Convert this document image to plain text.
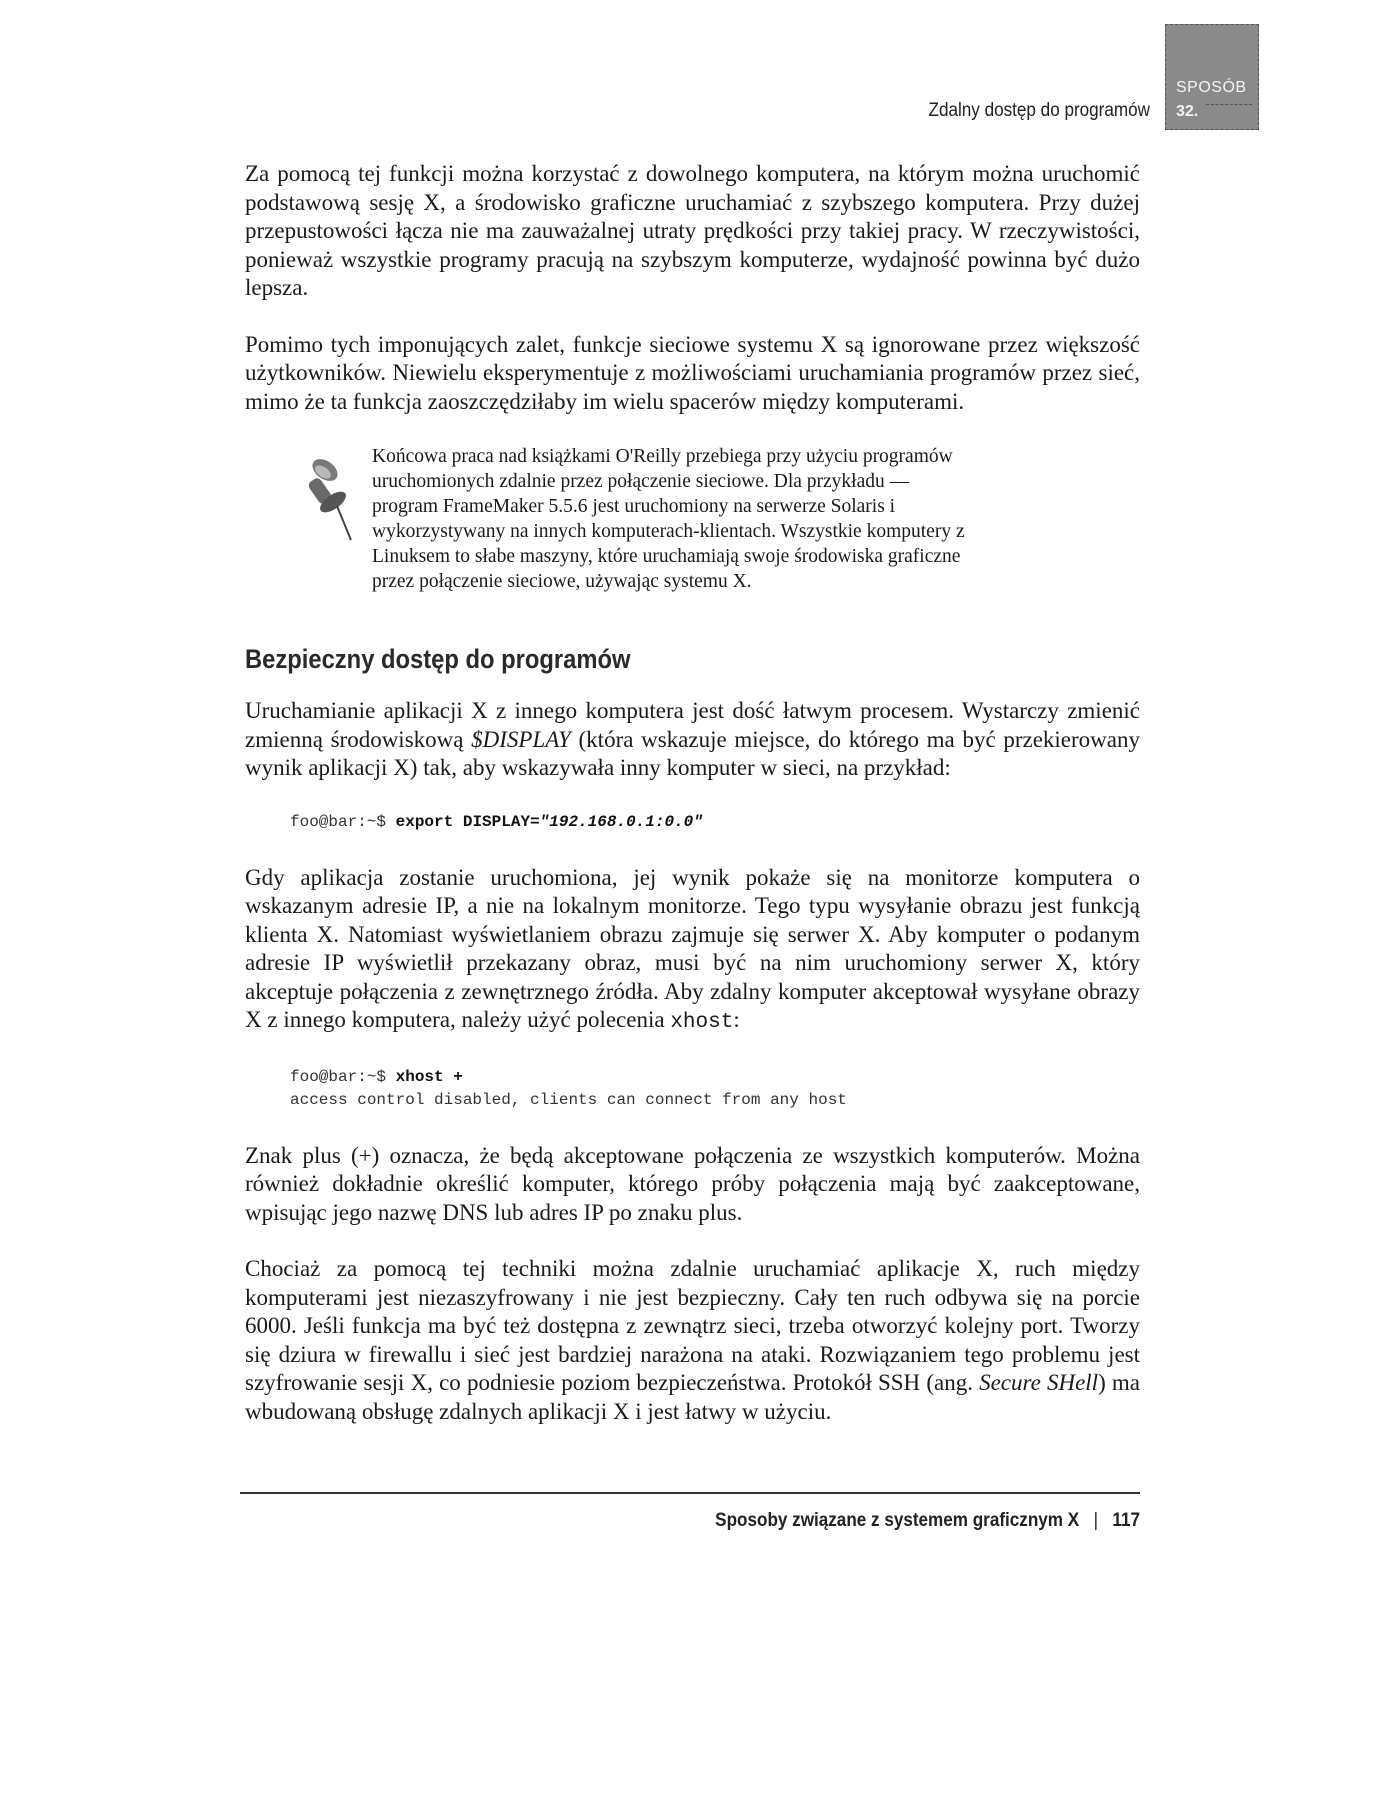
Zdalny dostęp do programów
SPOSÓB
32.

Za pomocą tej funkcji można korzystać z dowolnego komputera, na którym można uruchomić podstawową sesję X, a środowisko graficzne uruchamiać z szybszego komputera. Przy dużej przepustowości łącza nie ma zauważalnej utraty prędkości przy takiej pracy. W rzeczywistości, ponieważ wszystkie programy pracują na szybszym komputerze, wydajność powinna być dużo lepsza.

Pomimo tych imponujących zalet, funkcje sieciowe systemu X są ignorowane przez większość użytkowników. Niewielu eksperymentuje z możliwościami uruchamiania programów przez sieć, mimo że ta funkcja zaoszczędziłaby im wielu spacerów między komputerami.

Końcowa praca nad książkami O'Reilly przebiega przy użyciu programów uruchomionych zdalnie przez połączenie sieciowe. Dla przykładu — program FrameMaker 5.5.6 jest uruchomiony na serwerze Solaris i wykorzystywany na innych komputerach-klientach. Wszystkie komputery z Linuksem to słabe maszyny, które uruchamiają swoje środowiska graficzne przez połączenie sieciowe, używając systemu X.
Bezpieczny dostęp do programów

Uruchamianie aplikacji X z innego komputera jest dość łatwym procesem. Wystarczy zmienić zmienną środowiskową $DISPLAY (która wskazuje miejsce, do którego ma być przekierowany wynik aplikacji X) tak, aby wskazywała inny komputer w sieci, na przykład:

foo@bar:~$ export DISPLAY="192.168.0.1:0.0"

Gdy aplikacja zostanie uruchomiona, jej wynik pokaże się na monitorze komputera o wskazanym adresie IP, a nie na lokalnym monitorze. Tego typu wysyłanie obrazu jest funkcją klienta X. Natomiast wyświetlaniem obrazu zajmuje się serwer X. Aby komputer o podanym adresie IP wyświetlił przekazany obraz, musi być na nim uruchomiony serwer X, który akceptuje połączenia z zewnętrznego źródła. Aby zdalny komputer akceptował wysyłane obrazy X z innego komputera, należy użyć polecenia xhost:

foo@bar:~$ xhost +
access control disabled, clients can connect from any host

Znak plus (+) oznacza, że będą akceptowane połączenia ze wszystkich komputerów. Można również dokładnie określić komputer, którego próby połączenia mają być zaakceptowane, wpisując jego nazwę DNS lub adres IP po znaku plus.

Chociaż za pomocą tej techniki można zdalnie uruchamiać aplikacje X, ruch między komputerami jest niezaszyfrowany i nie jest bezpieczny. Cały ten ruch odbywa się na porcie 6000. Jeśli funkcja ma być też dostępna z zewnątrz sieci, trzeba otworzyć kolejny port. Tworzy się dziura w firewallu i sieć jest bardziej narażona na ataki. Rozwiązaniem tego problemu jest szyfrowanie sesji X, co podniesie poziom bezpieczeństwa. Protokół SSH (ang. Secure SHell) ma wbudowaną obsługę zdalnych aplikacji X i jest łatwy w użyciu.

Sposoby związane z systemem graficznym X | 117
